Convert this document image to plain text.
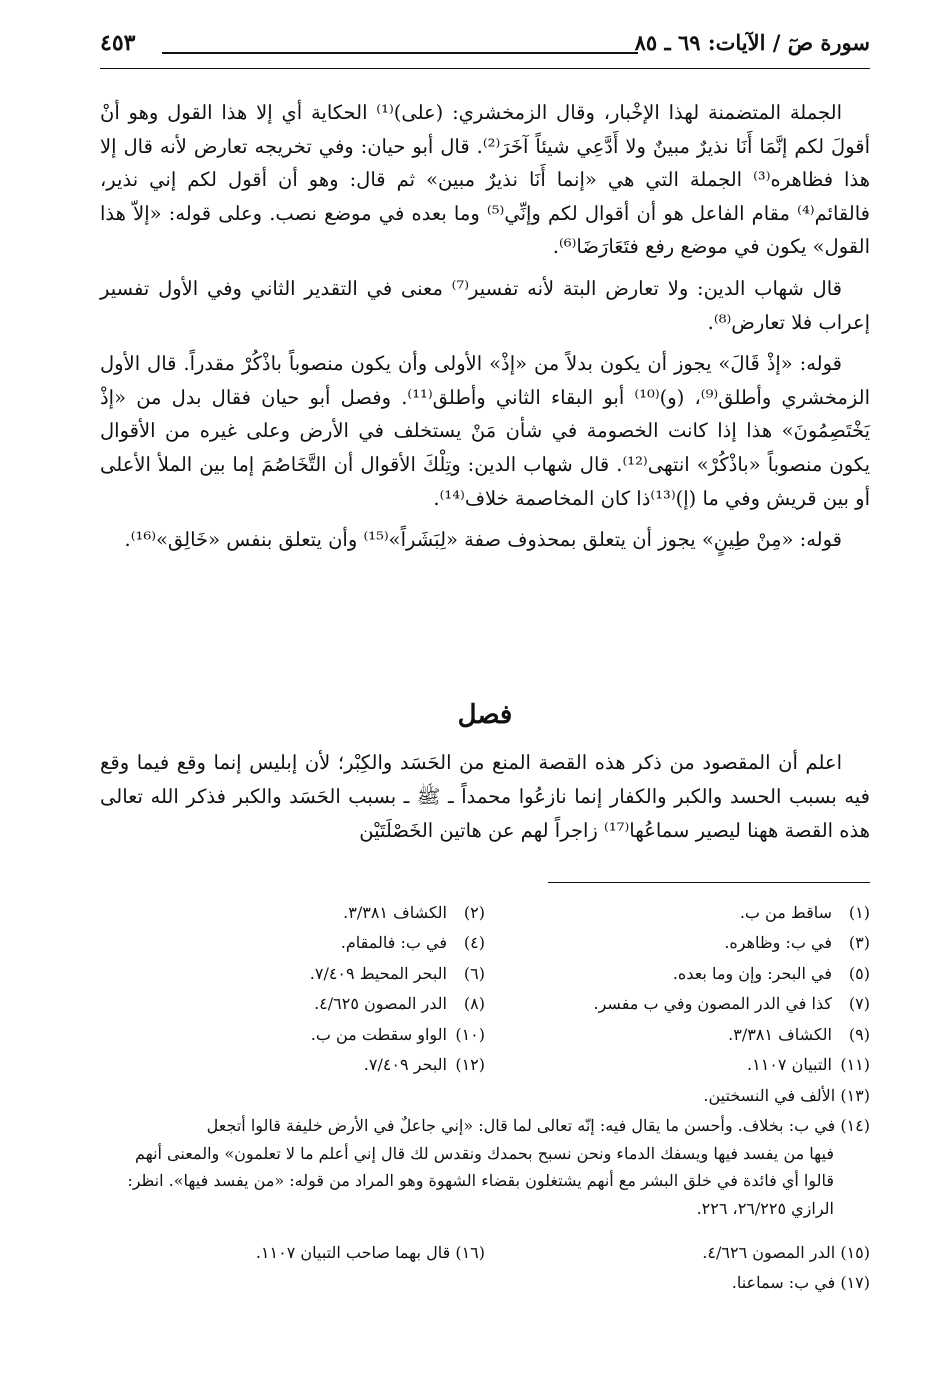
سورة صٓ / الآيات: ٦٩ ـ ٨٥
٤٥٣

الجملة المتضمنة لهذا الإخْبار، وقال الزمخشري: (على)⁽¹⁾ الحكاية أي إلا هذا القول وهو أنْ أقولَ لكم إنَّمَا أَنَا نذيرٌ مبينٌ ولا أَدَّعِي شيئاً آخَرَ⁽²⁾. قال أبو حيان: وفي تخريجه تعارض لأنه قال إلا هذا فظاهره⁽³⁾ الجملة التي هي «إنما أَنَا نذيرٌ مبين» ثم قال: وهو أن أقول لكم إني نذير، فالقائم⁽⁴⁾ مقام الفاعل هو أن أقوال لكم وإنِّي⁽⁵⁾ وما بعده في موضع نصب. وعلى قوله: «إلاّ هذا القول» يكون في موضع رفع فتَعَارَضَا⁽⁶⁾.

قال شهاب الدين: ولا تعارض البتة لأنه تفسير⁽⁷⁾ معنى في التقدير الثاني وفي الأول تفسير إعراب فلا تعارض⁽⁸⁾.

قوله: «إذْ قَالَ» يجوز أن يكون بدلاً من «إذْ» الأولى وأن يكون منصوباً باذْكُرْ مقدراً. قال الأول الزمخشري وأطلق⁽⁹⁾، (و)⁽¹⁰⁾ أبو البقاء الثاني وأطلق⁽¹¹⁾. وفصل أبو حيان فقال بدل من «إذْ يَخْتَصِمُونَ» هذا إذا كانت الخصومة في شأن مَنْ يستخلف في الأرض وعلى غيره من الأقوال يكون منصوباً «باذْكُرْ» انتهى⁽¹²⁾. قال شهاب الدين: وتِلْكَ الأقوال أن التَّخَاصُمَ إما بين الملأ الأعلى أو بين قريش وفي ما (إ)⁽¹³⁾ذا كان المخاصمة خلاف⁽¹⁴⁾.

قوله: «مِنْ طِينٍ» يجوز أن يتعلق بمحذوف صفة «لِبَشَراً»⁽¹⁵⁾ وأن يتعلق بنفس «خَالِق»⁽¹⁶⁾.

فصل

اعلم أن المقصود من ذكر هذه القصة المنع من الحَسَد والكِبْر؛ لأن إبليس إنما وقع فيما وقع فيه بسبب الحسد والكبر والكفار إنما نازعُوا محمداً ـ ﷺ ـ بسبب الحَسَد والكبر فذكر الله تعالى هذه القصة ههنا ليصير سماعُها⁽¹⁷⁾ زاجراً لهم عن هاتين الخَصْلَتَيْن

(١)ساقط من ب.
(٢)الكشاف ٣/٣٨١.
(٣)في ب: وظاهره.
(٤)في ب: فالمقام.
(٥)في البحر: وإن وما بعده.
(٦)البحر المحيط ٧/٤٠٩.
(٧)كذا في الدر المصون وفي ب مفسر.
(٨)الدر المصون ٤/٦٢٥.
(٩)الكشاف ٣/٣٨١.
(١٠)الواو سقطت من ب.
(١١)التبيان ١١٠٧.
(١٢)البحر ٧/٤٠٩.
(١٣) الألف في النسختين.
(١٤) في ب: بخلاف. وأحسن ما يقال فيه: إنّه تعالى لما قال: «إني جاعلٌ في الأرض خليفة قالوا أتجعل
فيها من يفسد فيها ويسفك الدماء ونحن نسبح بحمدك ونقدس لك قال إني أعلم ما لا تعلمون» والمعنى أنهم قالوا أي فائدة في خلق البشر مع أنهم يشتغلون بقضاء الشهوة وهو المراد من قوله: «من يفسد فيها». انظر: الرازي ٢٦/٢٢٥، ٢٢٦.
(١٥) الدر المصون ٤/٦٢٦.
(١٦) قال بهما صاحب التبيان ١١٠٧.
(١٧) في ب: سماعنا.
